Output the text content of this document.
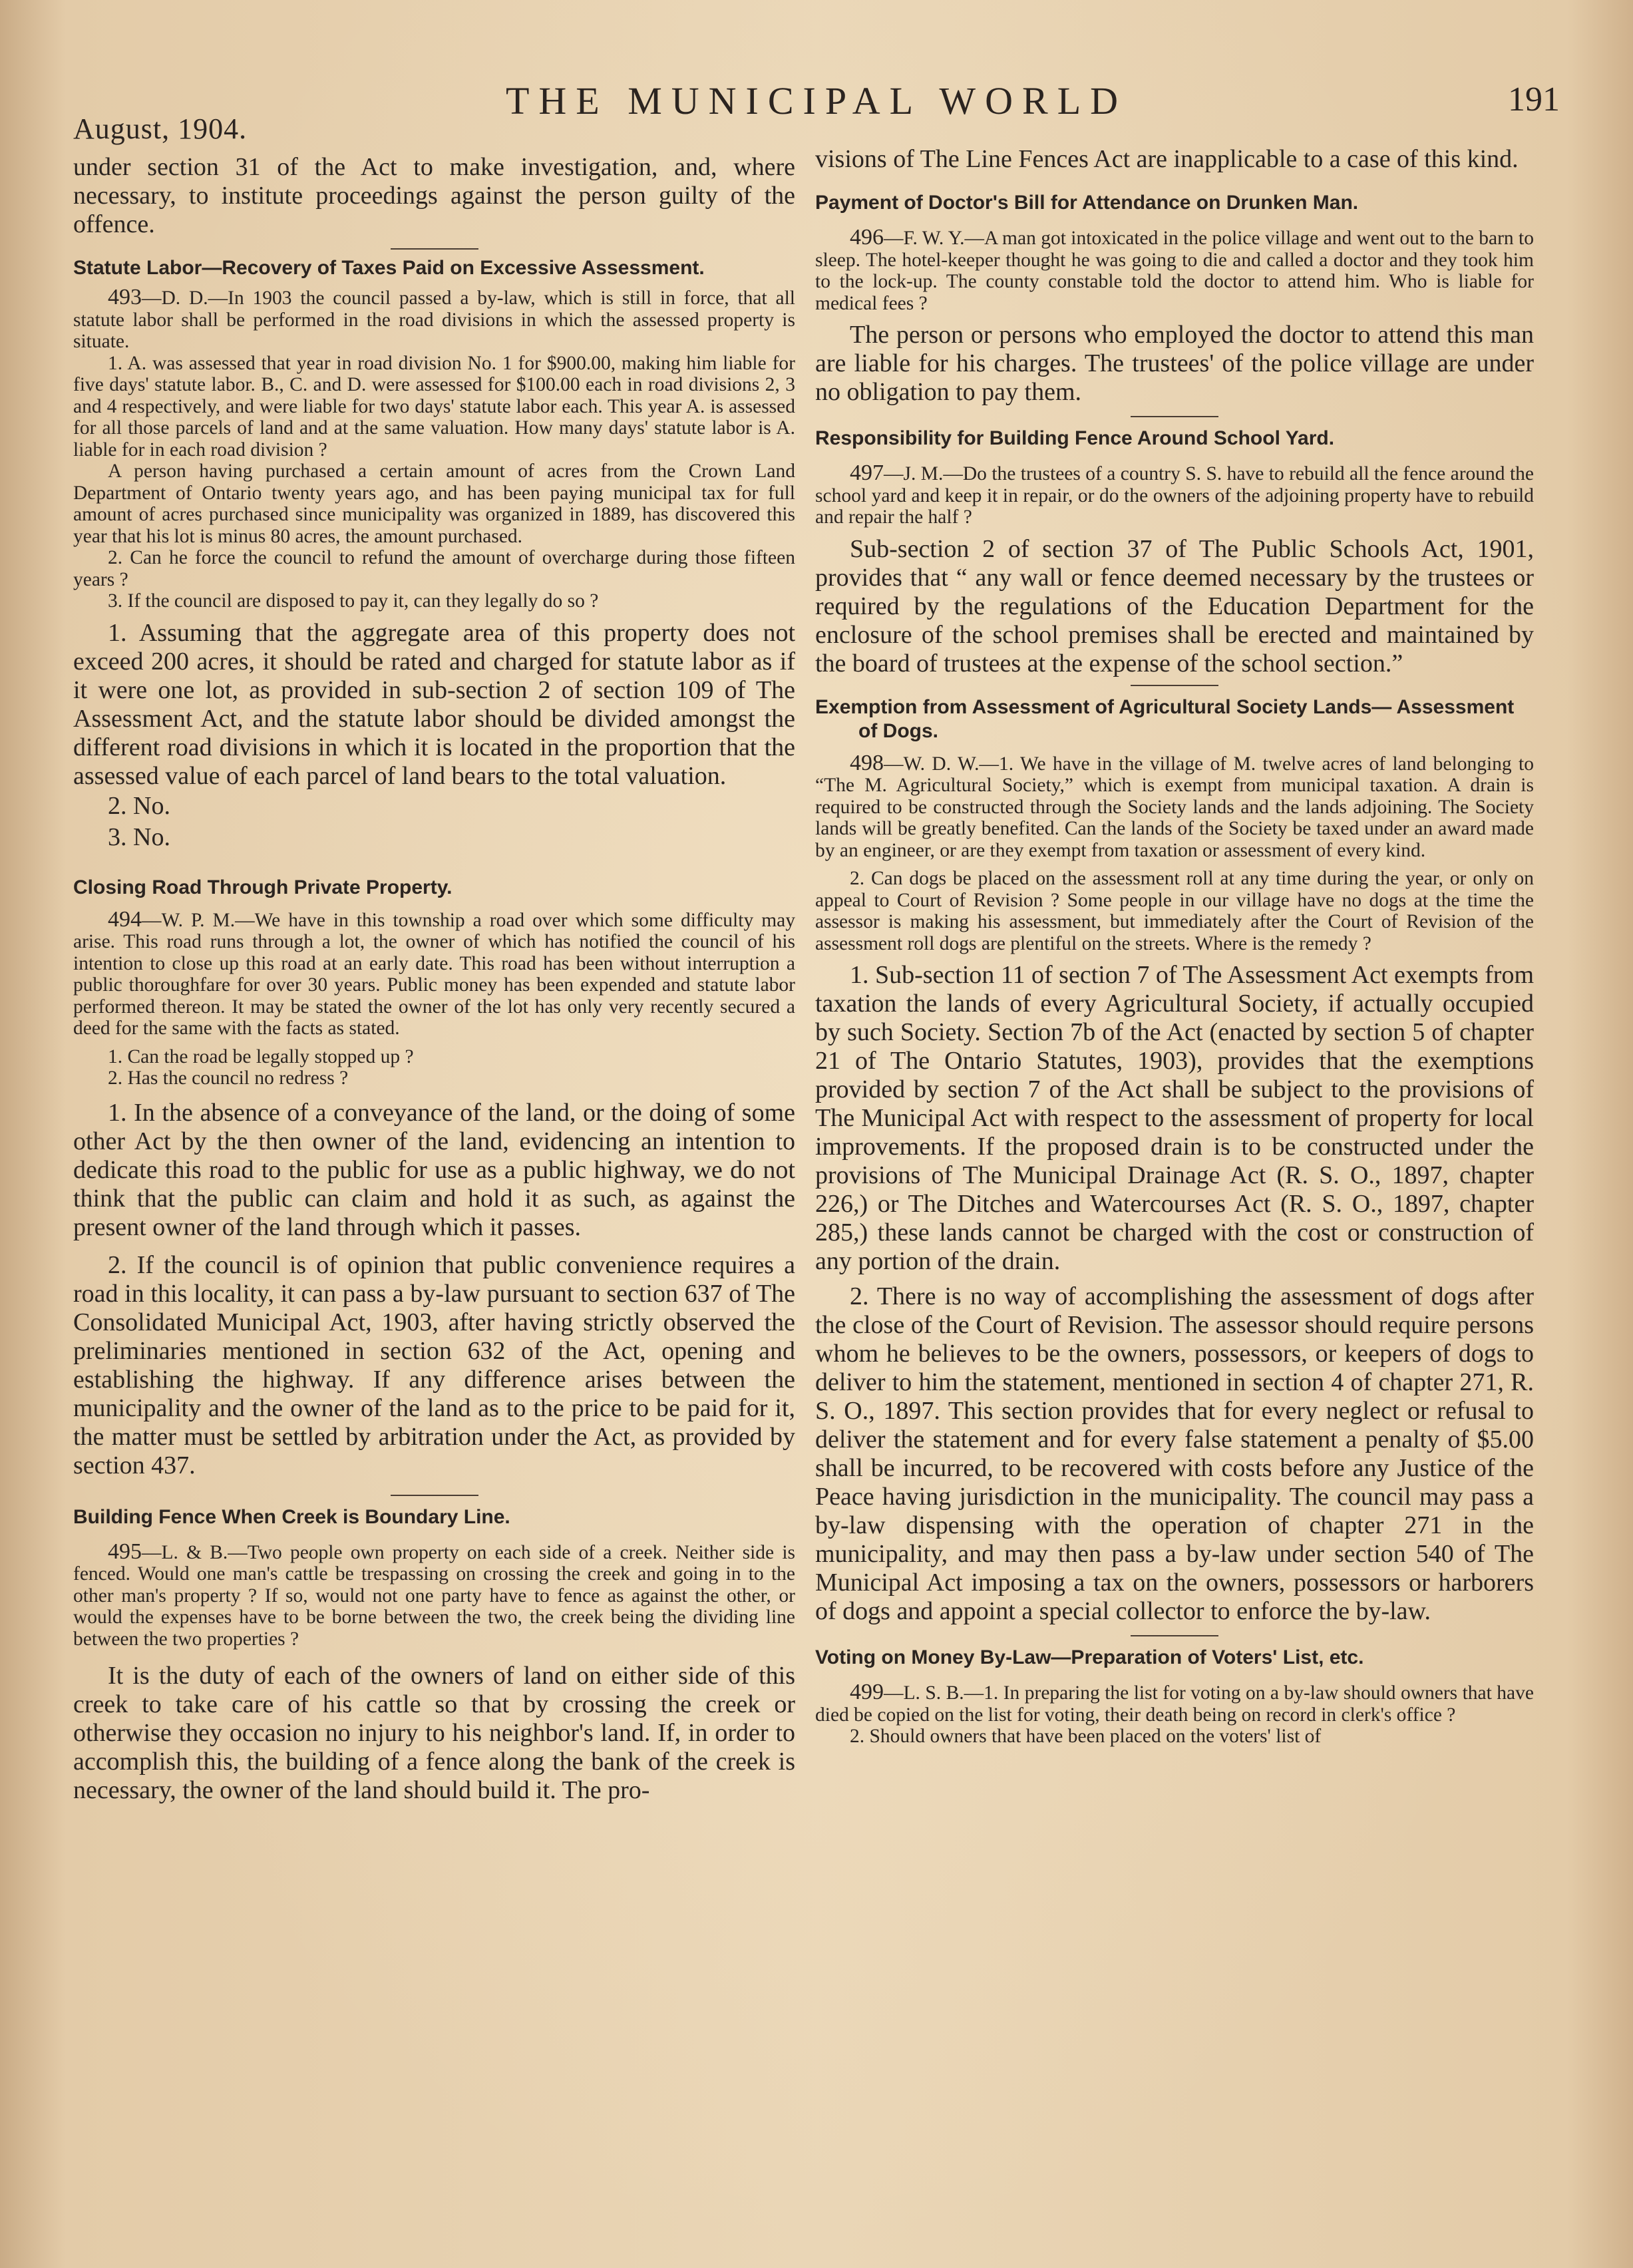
August, 1904.
THE MUNICIPAL WORLD	191

under section 31 of the Act to make investigation, and, where necessary, to institute proceedings against the person guilty of the offence.

Statute Labor—Recovery of Taxes Paid on Excessive Assessment.

493—D. D.—In 1903 the council passed a by-law, which is still in force, that all statute labor shall be performed in the road divisions in which the assessed property is situate.

1. A. was assessed that year in road division No. 1 for $900.00, making him liable for five days' statute labor. B., C. and D. were assessed for $100.00 each in road divisions 2, 3 and 4 respectively, and were liable for two days' statute labor each. This year A. is assessed for all those parcels of land and at the same valuation. How many days' statute labor is A. liable for in each road division ?

A person having purchased a certain amount of acres from the Crown Land Department of Ontario twenty years ago, and has been paying municipal tax for full amount of acres purchased since municipality was organized in 1889, has discovered this year that his lot is minus 80 acres, the amount purchased.

2. Can he force the council to refund the amount of overcharge during those fifteen years ?

3. If the council are disposed to pay it, can they legally do so ?

1. Assuming that the aggregate area of this property does not exceed 200 acres, it should be rated and charged for statute labor as if it were one lot, as provided in sub-section 2 of section 109 of The Assessment Act, and the statute labor should be divided amongst the different road divisions in which it is located in the proportion that the assessed value of each parcel of land bears to the total valuation.

2. No.

3. No.

Closing Road Through Private Property.

494—W. P. M.—We have in this township a road over which some difficulty may arise. This road runs through a lot, the owner of which has notified the council of his intention to close up this road at an early date. This road has been without interruption a public thoroughfare for over 30 years. Public money has been expended and statute labor performed thereon. It may be stated the owner of the lot has only very recently secured a deed for the same with the facts as stated.

1. Can the road be legally stopped up ?

2. Has the council no redress ?

1. In the absence of a conveyance of the land, or the doing of some other Act by the then owner of the land, evidencing an intention to dedicate this road to the public for use as a public highway, we do not think that the public can claim and hold it as such, as against the present owner of the land through which it passes.

2. If the council is of opinion that public convenience requires a road in this locality, it can pass a by-law pursuant to section 637 of The Consolidated Municipal Act, 1903, after having strictly observed the preliminaries mentioned in section 632 of the Act, opening and establishing the highway. If any difference arises between the municipality and the owner of the land as to the price to be paid for it, the matter must be settled by arbitration under the Act, as provided by section 437.

Building Fence When Creek is Boundary Line.

495—L. & B.—Two people own property on each side of a creek. Neither side is fenced. Would one man's cattle be trespassing on crossing the creek and going in to the other man's property ? If so, would not one party have to fence as against the other, or would the expenses have to be borne between the two, the creek being the dividing line between the two properties ?

It is the duty of each of the owners of land on either side of this creek to take care of his cattle so that by crossing the creek or otherwise they occasion no injury to his neighbor's land. If, in order to accomplish this, the building of a fence along the bank of the creek is necessary, the owner of the land should build it. The pro-

visions of The Line Fences Act are inapplicable to a case of this kind.

Payment of Doctor's Bill for Attendance on Drunken Man.

496—F. W. Y.—A man got intoxicated in the police village and went out to the barn to sleep. The hotel-keeper thought he was going to die and called a doctor and they took him to the lock-up. The county constable told the doctor to attend him. Who is liable for medical fees ?

The person or persons who employed the doctor to attend this man are liable for his charges. The trustees' of the police village are under no obligation to pay them.

Responsibility for Building Fence Around School Yard.

497—J. M.—Do the trustees of a country S. S. have to rebuild all the fence around the school yard and keep it in repair, or do the owners of the adjoining property have to rebuild and repair the half ?

Sub-section 2 of section 37 of The Public Schools Act, 1901, provides that “ any wall or fence deemed necessary by the trustees or required by the regulations of the Education Department for the enclosure of the school premises shall be erected and maintained by the board of trustees at the expense of the school section.”

Exemption from Assessment of Agricultural Society Lands— Assessment of Dogs.

498—W. D. W.—1. We have in the village of M. twelve acres of land belonging to “The M. Agricultural Society,” which is exempt from municipal taxation. A drain is required to be constructed through the Society lands and the lands adjoining. The Society lands will be greatly benefited. Can the lands of the Society be taxed under an award made by an engineer, or are they exempt from taxation or assessment of every kind.

2. Can dogs be placed on the assessment roll at any time during the year, or only on appeal to Court of Revision ? Some people in our village have no dogs at the time the assessor is making his assessment, but immediately after the Court of Revision of the assessment roll dogs are plentiful on the streets. Where is the remedy ?

1. Sub-section 11 of section 7 of The Assessment Act exempts from taxation the lands of every Agricultural Society, if actually occupied by such Society. Section 7b of the Act (enacted by section 5 of chapter 21 of The Ontario Statutes, 1903), provides that the exemptions provided by section 7 of the Act shall be subject to the provisions of The Municipal Act with respect to the assessment of property for local improvements. If the proposed drain is to be constructed under the provisions of The Municipal Drainage Act (R. S. O., 1897, chapter 226,) or The Ditches and Watercourses Act (R. S. O., 1897, chapter 285,) these lands cannot be charged with the cost or construction of any portion of the drain.

2. There is no way of accomplishing the assessment of dogs after the close of the Court of Revision. The assessor should require persons whom he believes to be the owners, possessors, or keepers of dogs to deliver to him the statement, mentioned in section 4 of chapter 271, R. S. O., 1897. This section provides that for every neglect or refusal to deliver the statement and for every false statement a penalty of $5.00 shall be incurred, to be recovered with costs before any Justice of the Peace having jurisdiction in the municipality. The council may pass a by-law dispensing with the operation of chapter 271 in the municipality, and may then pass a by-law under section 540 of The Municipal Act imposing a tax on the owners, possessors or harborers of dogs and appoint a special collector to enforce the by-law.

Voting on Money By-Law—Preparation of Voters' List, etc.

499—L. S. B.—1. In preparing the list for voting on a by-law should owners that have died be copied on the list for voting, their death being on record in clerk's office ?

2. Should owners that have been placed on the voters' list of
